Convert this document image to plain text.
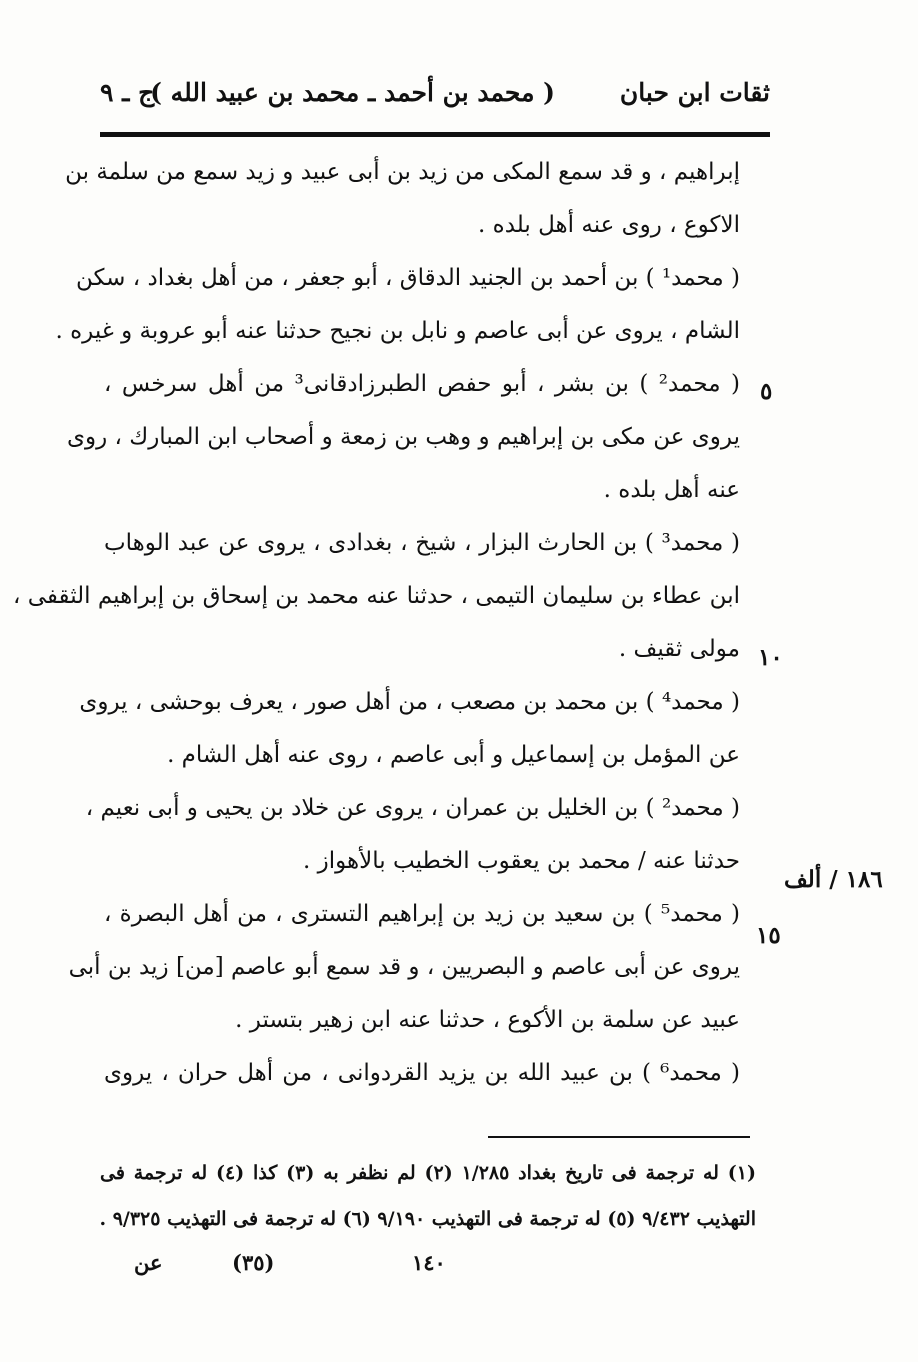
ثقات ابن حبان
( محمد بن أحمد ـ محمد بن عبيد الله )
ج ـ ٩
إبراهيم ، و قد سمع المكى من زيد بن أبى عبيد و زيد سمع من سلمة بن
الاكوع ، روى عنه أهل بلده .
( محمد¹ ) بن أحمد بن الجنيد الدقاق ، أبو جعفر ، من أهل بغداد ، سكن
الشام ، يروى عن أبى عاصم و نابل بن نجيح حدثنا عنه أبو عروبة و غيره .
( محمد² ) بن بشر ، أبو حفص الطبرزادقانى³ من أهل سرخس ،
يروى عن مكى بن إبراهيم و وهب بن زمعة و أصحاب ابن المبارك ، روى
عنه أهل بلده .
( محمد³ ) بن الحارث البزار ، شيخ ، بغدادى ، يروى عن عبد الوهاب
ابن عطاء بن سليمان التيمى ، حدثنا عنه محمد بن إسحاق بن إبراهيم الثقفى ،
مولى ثقيف .
( محمد⁴ ) بن محمد بن مصعب ، من أهل صور ، يعرف بوحشى ، يروى
عن المؤمل بن إسماعيل و أبى عاصم ، روى عنه أهل الشام .
( محمد² ) بن الخليل بن عمران ، يروى عن خلاد بن يحيى و أبى نعيم ،
حدثنا عنه / محمد بن يعقوب الخطيب بالأهواز .
( محمد⁵ ) بن سعيد بن زيد بن إبراهيم التسترى ، من أهل البصرة ،
يروى عن أبى عاصم و البصريين ، و قد سمع أبو عاصم [من] زيد بن أبى
عبيد عن سلمة بن الأكوع ، حدثنا عنه ابن زهير بتستر .
( محمد⁶ ) بن عبيد الله بن يزيد القردوانى ، من أهل حران ، يروى
٥
١٠
١٥
١٨٦ / ألف
(١) له ترجمة فى تاريخ بغداد ١/٢٨٥ (٢) لم نظفر به (٣) كذا (٤) له ترجمة فى
التهذيب ٩/٤٣٢ (٥) له ترجمة فى التهذيب ٩/١٩٠ (٦) له ترجمة فى التهذيب ٩/٣٢٥ .
عن	(٣٥)	١٤٠
